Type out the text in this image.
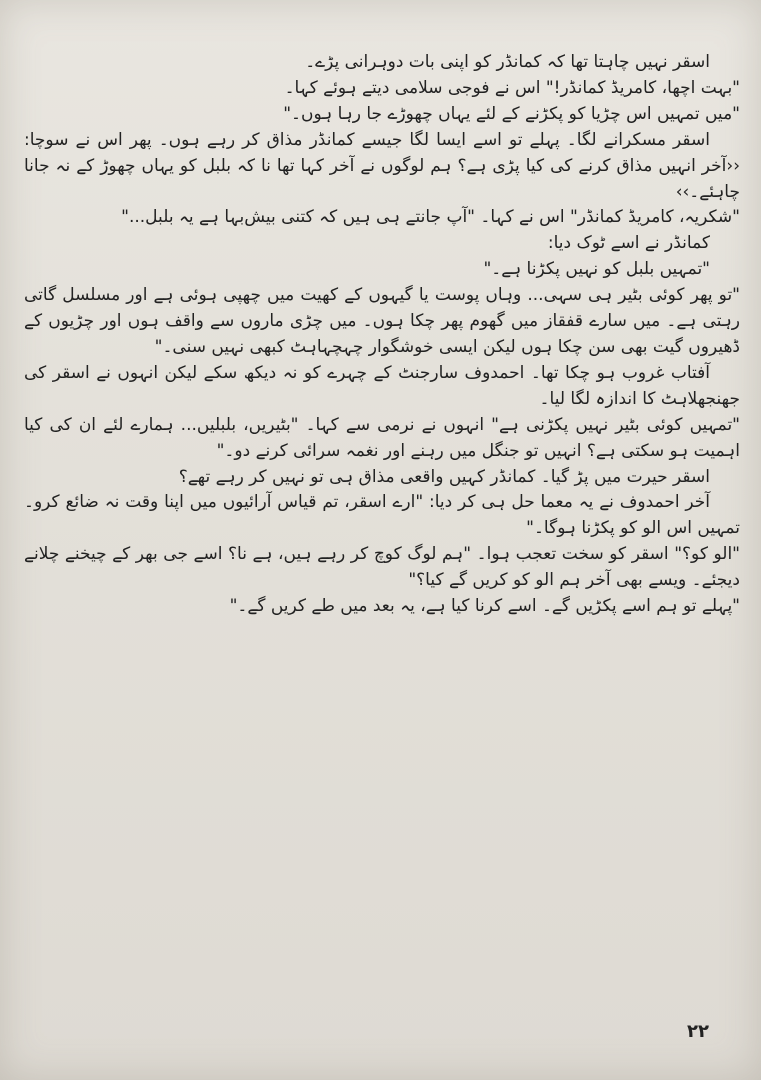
اسقر نہیں چاہتا تھا کہ کمانڈر کو اپنی بات دوہرانی پڑے۔

"بہت اچھا، کامریڈ کمانڈر!" اس نے فوجی سلامی دیتے ہوئے کہا۔

"میں تمہیں اس چڑیا کو پکڑنے کے لئے یہاں چھوڑے جا رہا ہوں۔"

اسقر مسکرانے لگا۔ پہلے تو اسے ایسا لگا جیسے کمانڈر مذاق کر رہے ہوں۔ پھر اس نے سوچا: ‹‹آخر انہیں مذاق کرنے کی کیا پڑی ہے؟ ہم لوگوں نے آخر کہا تھا نا کہ بلبل کو یہاں چھوڑ کے نہ جانا چاہئے۔››

"شکریہ، کامریڈ کمانڈر" اس نے کہا۔ "آپ جانتے ہی ہیں کہ کتنی بیش‌بہا ہے یہ بلبل..."

کمانڈر نے اسے ٹوک دیا:

"تمہیں بلبل کو نہیں پکڑنا ہے۔"

"تو پھر کوئی بٹیر ہی سہی... وہاں پوست یا گیہوں کے کھیت میں چھپی ہوئی ہے اور مسلسل گاتی رہتی ہے۔ میں سارے قفقاز میں گھوم پھر چکا ہوں۔ میں چڑی ماروں سے واقف ہوں اور چڑیوں کے ڈھیروں گیت بھی سن چکا ہوں لیکن ایسی خوشگوار چہچہاہٹ کبھی نہیں سنی۔"

آفتاب غروب ہو چکا تھا۔ احمدوف سارجنٹ کے چہرے کو نہ دیکھ سکے لیکن انہوں نے اسقر کی جھنجھلاہٹ کا اندازہ لگا لیا۔

"تمہیں کوئی بٹیر نہیں پکڑنی ہے" انہوں نے نرمی سے کہا۔ "بٹیریں، بلبلیں... ہمارے لئے ان کی کیا اہمیت ہو سکتی ہے؟ انہیں تو جنگل میں رہنے اور نغمہ سرائی کرنے دو۔"

اسقر حیرت میں پڑ گیا۔ کمانڈر کہیں واقعی مذاق ہی تو نہیں کر رہے تھے؟

آخر احمدوف نے یہ معما حل ہی کر دیا: "ارے اسقر، تم قیاس آرائیوں میں اپنا وقت نہ ضائع کرو۔ تمہیں اس الو کو پکڑنا ہوگا۔"

"الو کو؟" اسقر کو سخت تعجب ہوا۔ "ہم لوگ کوچ کر رہے ہیں، ہے نا؟ اسے جی بھر کے چیخنے چلانے دیجئے۔ ویسے بھی آخر ہم الو کو کریں گے کیا؟"

"پہلے تو ہم اسے پکڑیں گے۔ اسے کرنا کیا ہے، یہ بعد میں طے کریں گے۔"

۲۲
